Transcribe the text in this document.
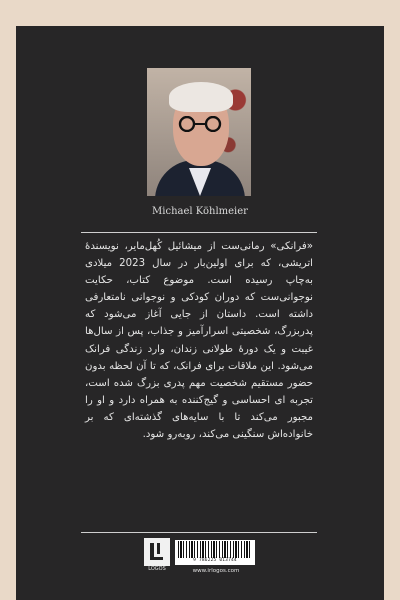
Michael Köhlmeier
«فرانکی» رمانی‌ست از میشائیل کُهل‌مایر، نویسندهٔ اتریشی، که برای اولین‌بار در سال 2023 میلادی به‌چاپ رسیده است. موضوع کتاب، حکایت نوجوانی‌ست که دوران کودکی و نوجوانی نامتعارفی داشته است. داستان از جایی آغاز می‌شود که پدربزرگ، شخصیتی اسرارآمیز و جذاب، پس از سال‌ها غیبت و یک دورهٔ طولانی زندان، وارد زندگی فرانک می‌شود. این ملاقات برای فرانک، که تا آن لحظه بدون حضور مستقیم شخصیت مهم پدری بزرگ شده است، تجربه ای احساسی و گیج‌کننده به همراه دارد و او را مجبور می‌کند تا با سایه‌های گذشته‌ای که بر خانواده‌اش سنگینی می‌کند، روبه‌رو شود.
LOGOS
9 786225 013744
www.irlogos.com
